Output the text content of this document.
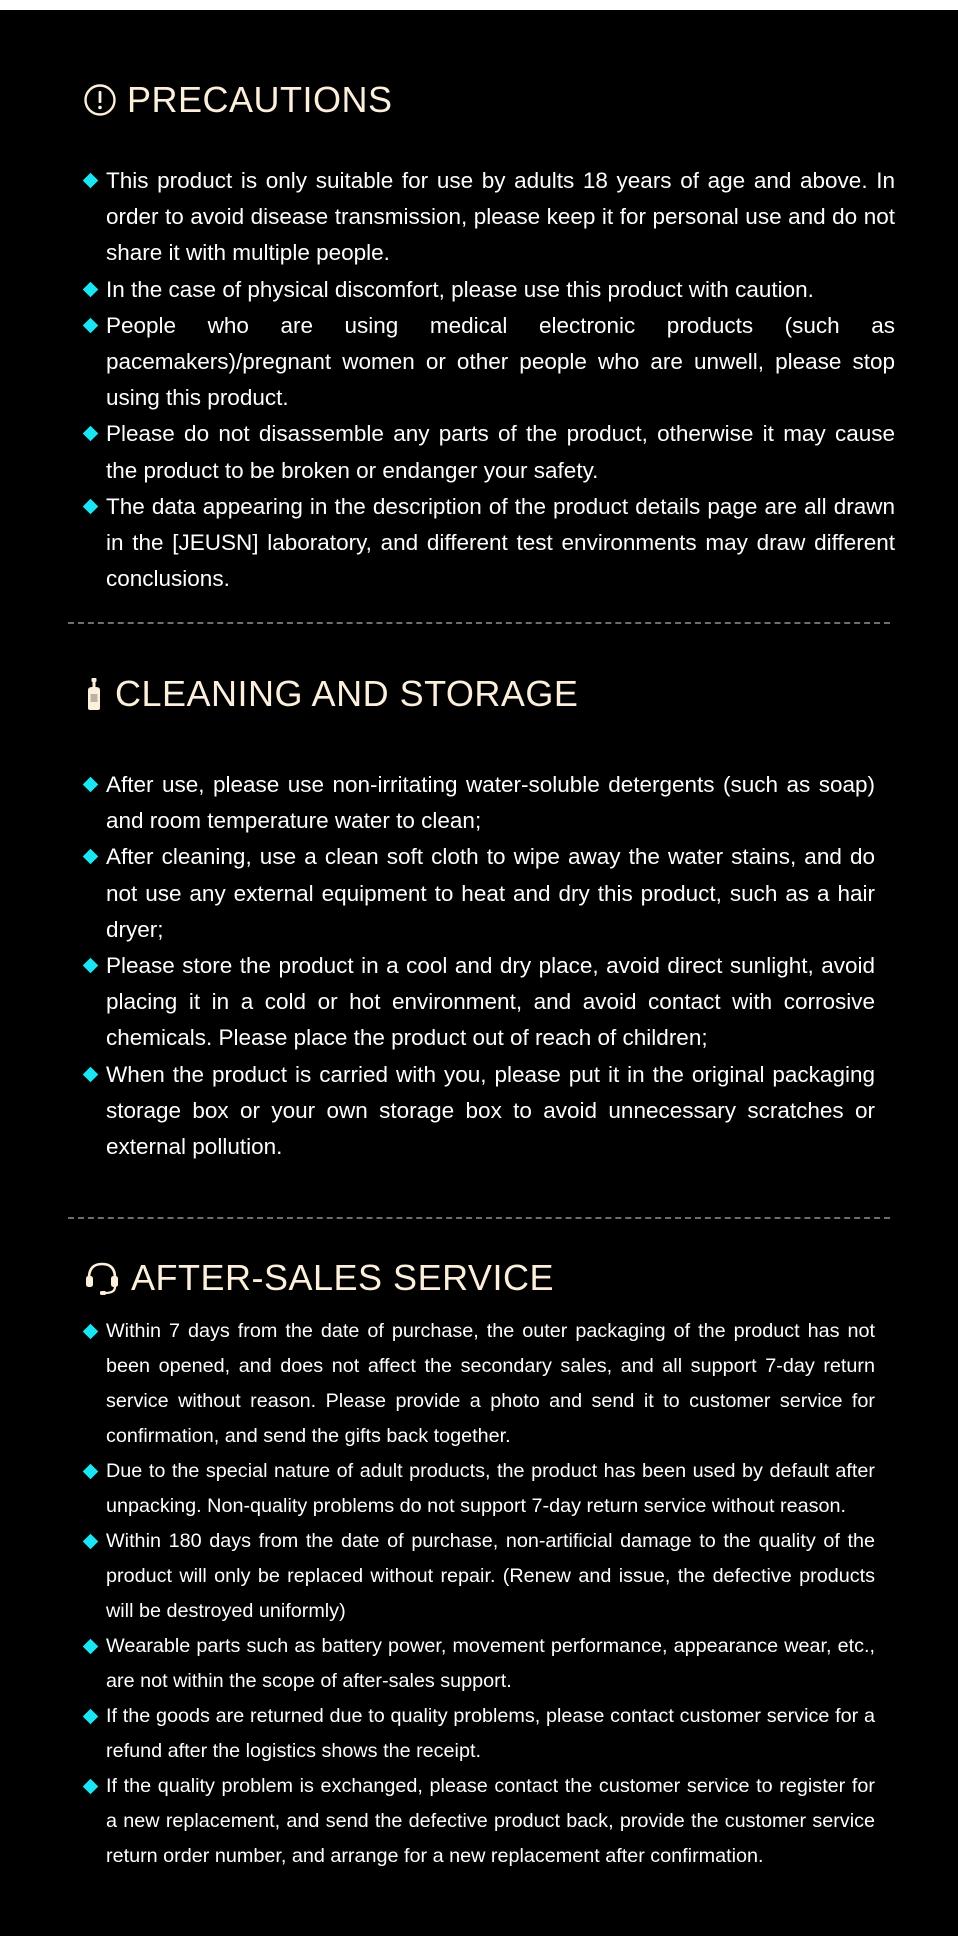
PRECAUTIONS
This product is only suitable for use by adults 18 years of age and above. In order to avoid disease transmission, please keep it for personal use and do not share it with multiple people.
In the case of physical discomfort, please use this product with caution.
People who are using medical electronic products (such as pacemakers)/pregnant women or other people who are unwell, please stop using this product.
Please do not disassemble any parts of the product, otherwise it may cause the product to be broken or endanger your safety.
The data appearing in the description of the product details page are all drawn in the [JEUSN] laboratory, and different test environments may draw different conclusions.
CLEANING AND STORAGE
After use, please use non-irritating water-soluble detergents (such as soap) and room temperature water to clean;
After cleaning, use a clean soft cloth to wipe away the water stains, and do not use any external equipment to heat and dry this product, such as a hair dryer;
Please store the product in a cool and dry place, avoid direct sunlight, avoid placing it in a cold or hot environment, and avoid contact with corrosive chemicals. Please place the product out of reach of children;
When the product is carried with you, please put it in the original packaging storage box or your own storage box to avoid unnecessary scratches or external pollution.
AFTER-SALES SERVICE
Within 7 days from the date of purchase, the outer packaging of the product has not been opened, and does not affect the secondary sales, and all support 7-day return service without reason. Please provide a photo and send it to customer service for confirmation, and send the gifts back together.
Due to the special nature of adult products, the product has been used by default after unpacking. Non-quality problems do not support 7-day return service without reason.
Within 180 days from the date of purchase, non-artificial damage to the quality of the product will only be replaced without repair. (Renew and issue, the defective products will be destroyed uniformly)
Wearable parts such as battery power, movement performance, appearance wear, etc., are not within the scope of after-sales support.
If the goods are returned due to quality problems, please contact customer service for a refund after the logistics shows the receipt.
If the quality problem is exchanged, please contact the customer service to register for a new replacement, and send the defective product back, provide the customer service return order number, and arrange for a new replacement after confirmation.
